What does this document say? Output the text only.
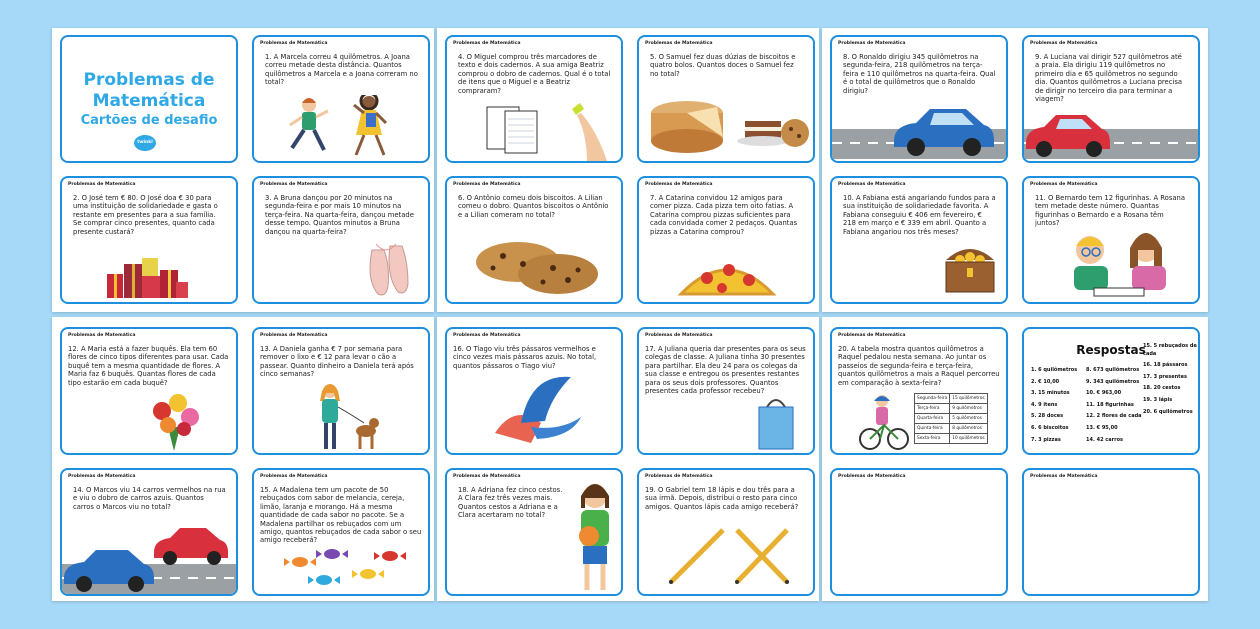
Problemas de
Matemática
Cartões de desafio
twinkl
Problemas de Matemática
1. A Marcela correu 4 quilômetros. A Joana correu metade desta distância. Quantos quilômetros a Marcela e a Joana correram no total?
Problemas de Matemática
2. O José tem € 80. O José doa € 30 para uma instituição de solidariedade e gasta o restante em presentes para a sua família. Se comprar cinco presentes, quanto cada presente custará?
Problemas de Matemática
3. A Bruna dançou por 20 minutos na segunda-feira e por mais 10 minutos na terça-feira. Na quarta-feira, dançou metade desse tempo. Quantos minutos a Bruna dançou na quarta-feira?
Problemas de Matemática
4. O Miguel comprou três marcadores de texto e dois cadernos. A sua amiga Beatriz comprou o dobro de cadernos. Qual é o total de itens que o Miguel e a Beatriz compraram?
Problemas de Matemática
5. O Samuel fez duas dúzias de biscoitos e quatro bolos. Quantos doces o Samuel fez no total?
Problemas de Matemática
6. O Antônio comeu dois biscoitos. A Lilian comeu o dobro. Quantos biscoitos o Antônio e a Lilian comeram no total?
Problemas de Matemática
7. A Catarina convidou 12 amigos para comer pizza. Cada pizza tem oito fatias. A Catarina comprou pizzas suficientes para cada convidada comer 2 pedaços. Quantas pizzas a Catarina comprou?
Problemas de Matemática
8. O Ronaldo dirigiu 345 quilômetros na segunda-feira, 218 quilômetros na terça-feira e 110 quilômetros na quarta-feira. Qual é o total de quilômetros que o Ronaldo dirigiu?
Problemas de Matemática
9. A Luciana vai dirigir 527 quilômetros até a praia. Ela dirigiu 119 quilômetros no primeiro dia e 65 quilômetros no segundo dia. Quantos quilômetros a Luciana precisa de dirigir no terceiro dia para terminar a viagem?
Problemas de Matemática
10. A Fabiana está angariando fundos para a sua instituição de solidariedade favorita. A Fabiana conseguiu € 406 em fevereiro, € 218 em março e € 339 em abril. Quanto a Fabiana angariou nos três meses?
Problemas de Matemática
11. O Bernardo tem 12 figurinhas. A Rosana tem metade deste número. Quantas figurinhas o Bernardo e a Rosana têm juntos?
Problemas de Matemática
12. A Maria está a fazer buquês. Ela tem 60 flores de cinco tipos diferentes para usar. Cada buquê tem a mesma quantidade de flores. A Maria faz 6 buquês. Quantas flores de cada tipo estarão em cada buquê?
Problemas de Matemática
13. A Daniela ganha € 7 por semana para remover o lixo e € 12 para levar o cão a passear. Quanto dinheiro a Daniela terá após cinco semanas?
Problemas de Matemática
14. O Marcos viu 14 carros vermelhos na rua e viu o dobro de carros azuis. Quantos carros o Marcos viu no total?
Problemas de Matemática
15. A Madalena tem um pacote de 50 rebuçados com sabor de melancia, cereja, limão, laranja e morango. Há a mesma quantidade de cada sabor no pacote. Se a Madalena partilhar os rebuçados com um amigo, quantos rebuçados de cada sabor o seu amigo receberá?
Problemas de Matemática
16. O Tiago viu três pássaros vermelhos e cinco vezes mais pássaros azuis. No total, quantos pássaros o Tiago viu?
Problemas de Matemática
17. A Juliana queria dar presentes para os seus colegas de classe. A Juliana tinha 30 presentes para partilhar. Ela deu 24 para os colegas da sua classe e entregou os presentes restantes para os seus dois professores. Quantos presentes cada professor recebeu?
Problemas de Matemática
18. A Adriana fez cinco cestos. A Clara fez três vezes mais. Quantos cestos a Adriana e a Clara acertaram no total?
Problemas de Matemática
19. O Gabriel tem 18 lápis e dou três para a sua irmã. Depois, distribui o resto para cinco amigos. Quantos lápis cada amigo receberá?
Problemas de Matemática
20. A tabela mostra quantos quilômetros a Raquel pedalou nesta semana. Ao juntar os passeios de segunda-feira e terça-feira, quantos quilômetros a mais a Raquel percorreu em comparação à sexta-feira?
Segunda-feira	15 quilômetros
Terça-feira	9 quilômetros
Quarta-feira	5 quilômetros
Quinta-feira	8 quilômetros
Sexta-feira	10 quilômetros
Respostas
1. 6 quilômetros
2. € 10,00
3. 15 minutos
4. 9 itens
5. 28 doces
6. 6 biscoitos
7. 3 pizzas
8. 673 quilômetros
9. 343 quilômetros
10. € 963,00
11. 18 figurinhas
12. 2 flores de cada
13. € 95,00
14. 42 carros
15. 5 rebuçados de
cada
16. 18 pássaros
17. 3 presentes
18. 20 cestos
19. 3 lápis
20. 6 quilômetros
Problemas de Matemática	Problemas de Matemática
